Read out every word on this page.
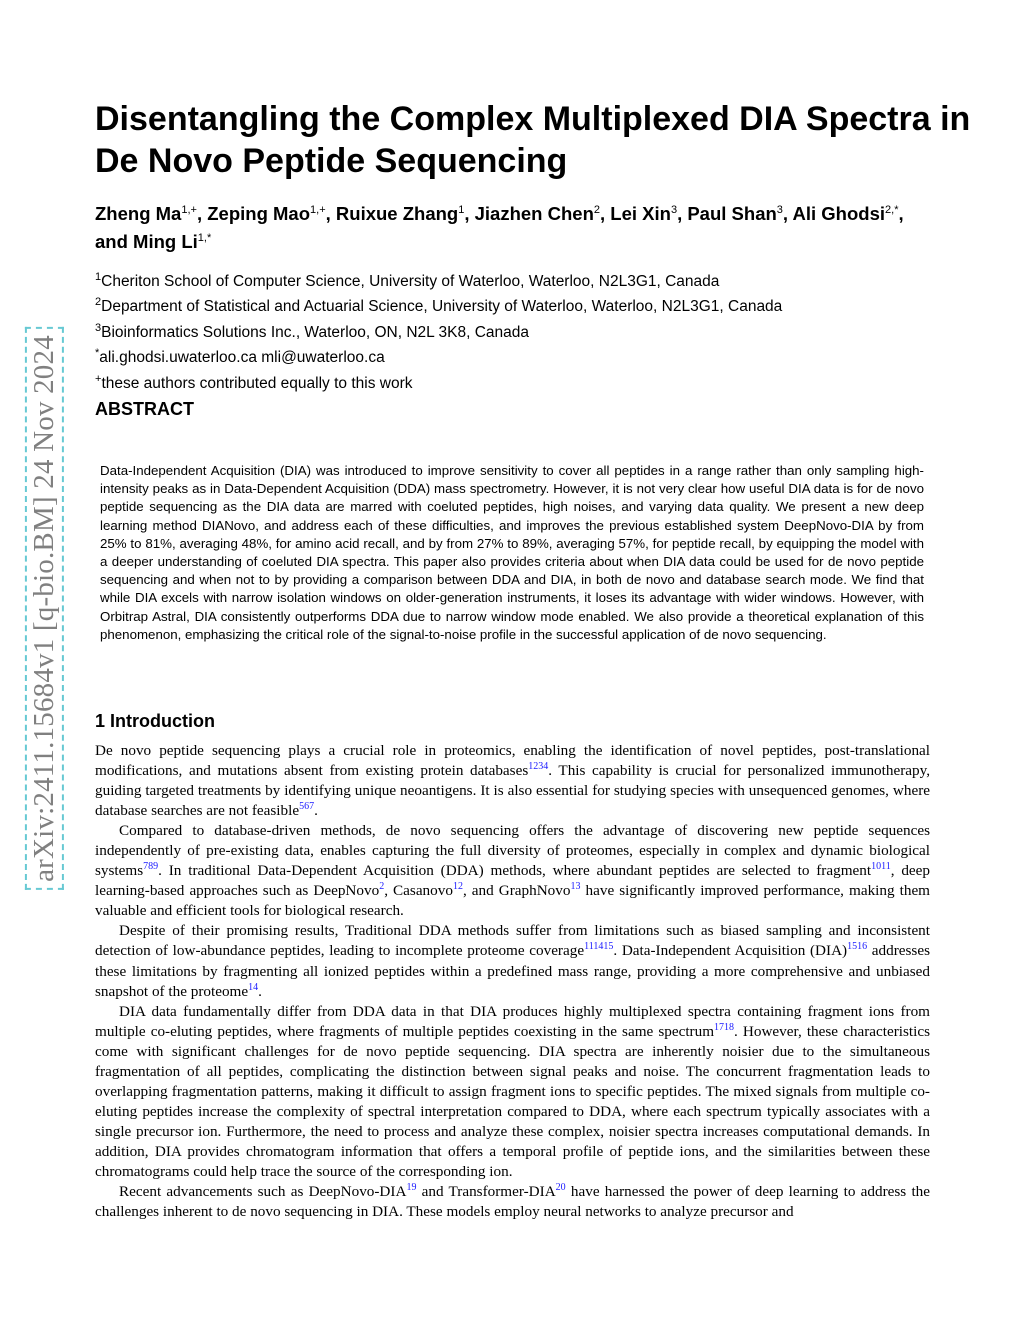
arXiv:2411.15684v1 [q-bio.BM] 24 Nov 2024
Disentangling the Complex Multiplexed DIA Spectra in De Novo Peptide Sequencing
Zheng $Ma^{1,+}$, Zeping Mao$^{1,+}$, Ruixue Zhang$^1$, Jiazhen Chen$^2$, Lei Xin$^3$, Paul Shan$^3$, Ali Ghodsi$^{2,*}$, and Ming $Li^{1,*}$
$^1$Cheriton School of Computer Science, University of Waterloo, Waterloo, N2L3G1, Canada
$^2$Department of Statistical and Actuarial Science, University of Waterloo, Waterloo, N2L3G1, Canada
$^3$Bioinformatics Solutions Inc., Waterloo, ON, N2L 3K8, Canada
*ali.ghodsi.uwaterloo.ca mli@uwaterloo.ca
+these authors contributed equally to this work
ABSTRACT

Data-Independent Acquisition (DIA) was introduced to improve sensitivity to cover all peptides in a range rather than only sampling high-intensity peaks as in Data-Dependent Acquisition (DDA) mass spectrometry. However, it is not very clear how useful DIA data is for de novo peptide sequencing as the DIA data are marred with coeluted peptides, high noises, and varying data quality. We present a new deep learning method DIANovo, and address each of these difficulties, and improves the previous established system DeepNovo-DIA by from 25% to 81%, averaging 48%, for amino acid recall, and by from 27% to 89%, averaging 57%, for peptide recall, by equipping the model with a deeper understanding of coeluted DIA spectra. This paper also provides criteria about when DIA data could be used for de novo peptide sequencing and when not to by providing a comparison between DDA and DIA, in both de novo and database search mode. We find that while DIA excels with narrow isolation windows on older-generation instruments, it loses its advantage with wider windows. However, with Orbitrap Astral, DIA consistently outperforms DDA due to narrow window mode enabled. We also provide a theoretical explanation of this phenomenon, emphasizing the critical role of the signal-to-noise profile in the successful application of de novo sequencing.

1 Introduction

De novo peptide sequencing plays a crucial role in proteomics, enabling the identification of novel peptides, post-translational modifications, and mutations absent from existing protein databases$^{1234}$. This capability is crucial for personalized immunotherapy, guiding targeted treatments by identifying unique neoantigens. It is also essential for studying species with unsequenced genomes, where database searches are not feasible$^{567}$.

Compared to database-driven methods, de novo sequencing offers the advantage of discovering new peptide sequences independently of pre-existing data, enables capturing the full diversity of proteomes, especially in complex and dynamic biological systems$^{789}$. In traditional Data-Dependent Acquisition (DDA) methods, where abundant peptides are selected to fragment$^{1011}$, deep learning-based approaches such as DeepNovo$^2$, Casanovo$^{12}$, and GraphNovo$^{13}$ have significantly improved performance, making them valuable and efficient tools for biological research.

Despite of their promising results, Traditional DDA methods suffer from limitations such as biased sampling and inconsistent detection of low-abundance peptides, leading to incomplete proteome coverage$^{111415}$. Data-Independent Acquisition (DIA)$^{1516}$ addresses these limitations by fragmenting all ionized peptides within a predefined mass range, providing a more comprehensive and unbiased snapshot of the proteome$^{14}$.

DIA data fundamentally differ from DDA data in that DIA produces highly multiplexed spectra containing fragment ions from multiple co-eluting peptides, where fragments of multiple peptides coexisting in the same spectrum$^{1718}$. However, these characteristics come with significant challenges for de novo peptide sequencing. DIA spectra are inherently noisier due to the simultaneous fragmentation of all peptides, complicating the distinction between signal peaks and noise. The concurrent fragmentation leads to overlapping fragmentation patterns, making it difficult to assign fragment ions to specific peptides. The mixed signals from multiple co-eluting peptides increase the complexity of spectral interpretation compared to DDA, where each spectrum typically associates with a single precursor ion. Furthermore, the need to process and analyze these complex, noisier spectra increases computational demands. In addition, DIA provides chromatogram information that offers a temporal profile of peptide ions, and the similarities between these chromatograms could help trace the source of the corresponding ion.

Recent advancements such as DeepNovo-DIA$^{19}$ and Transformer-DIA$^{20}$ have harnessed the power of deep learning to address the challenges inherent to de novo sequencing in DIA. These models employ neural networks to analyze precursor and
